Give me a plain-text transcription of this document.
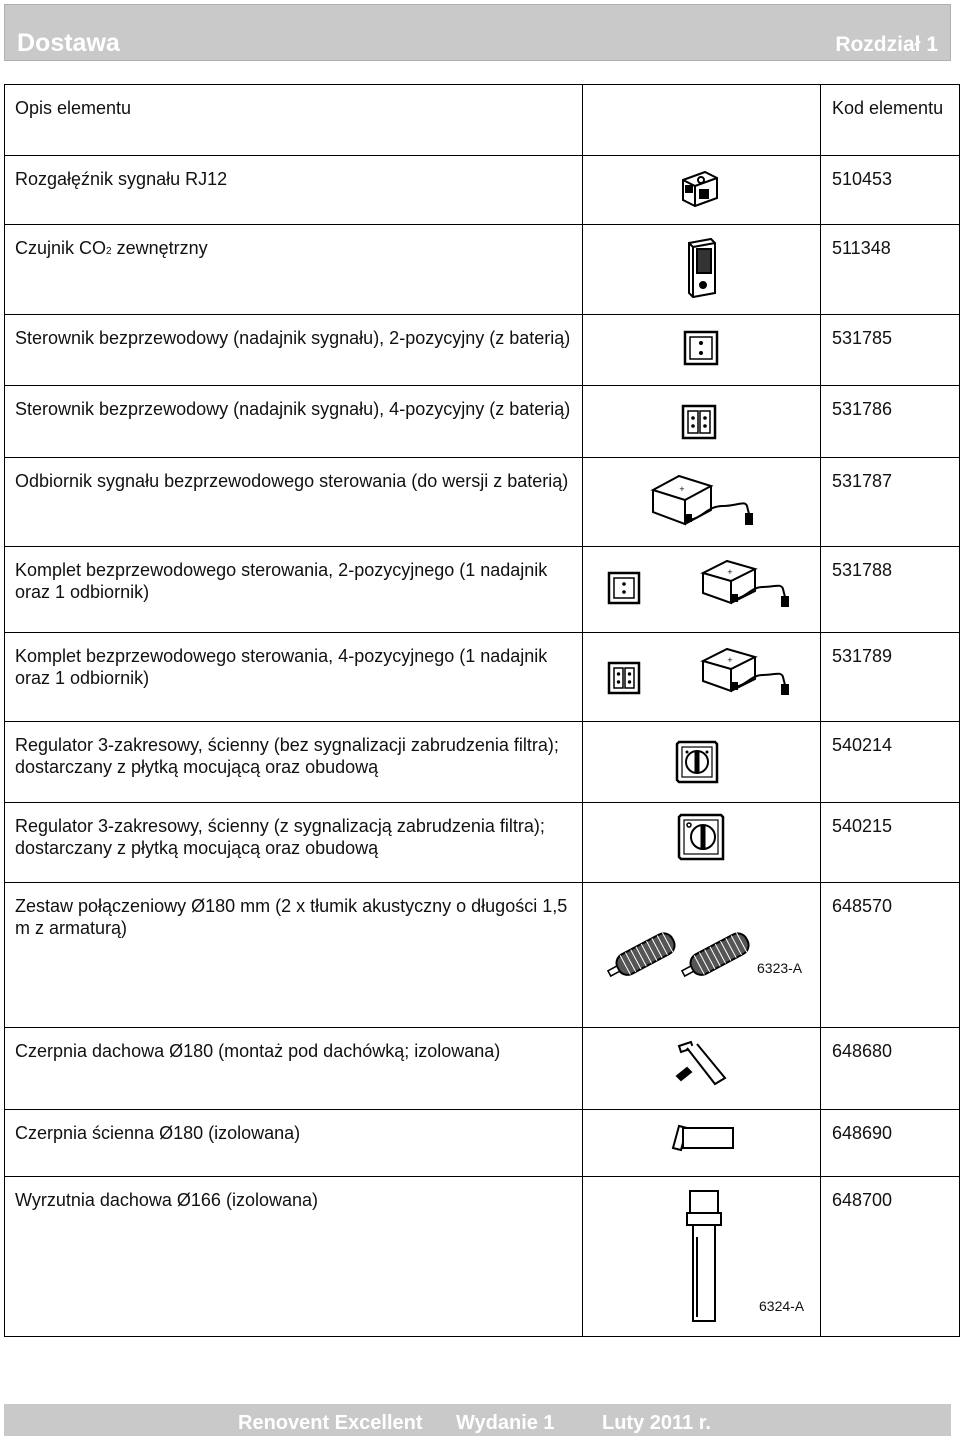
Dostawa	Rozdział 1
Opis elementu		Kod elementu
Rozgałęźnik sygnału RJ12		510453
Czujnik CO2 zewnętrzny		511348
Sterownik bezprzewodowy (nadajnik sygnału), 2-pozycyjny (z baterią)		531785
Sterownik bezprzewodowy (nadajnik sygnału), 4-pozycyjny (z baterią)		531786
Odbiornik sygnału bezprzewodowego sterowania (do wersji z baterią)	+	531787
Komplet bezprzewodowego sterowania, 2-pozycyjnego (1 nadajnik oraz 1 odbiornik)	+	531788
Komplet bezprzewodowego sterowania, 4-pozycyjnego (1 nadajnik oraz 1 odbiornik)	+	531789
Regulator 3-zakresowy, ścienny (bez sygnalizacji zabrudzenia filtra); dostarczany z płytką mocującą oraz obudową		540214
Regulator 3-zakresowy, ścienny (z sygnalizacją zabrudzenia filtra); dostarczany z płytką mocującą oraz obudową		540215
Zestaw połączeniowy Ø180 mm (2 x tłumik akustyczny o długości 1,5 m z armaturą)	6323-A	648570
Czerpnia dachowa Ø180 (montaż pod dachówką; izolowana)		648680
Czerpnia ścienna Ø180 (izolowana)		648690
Wyrzutnia dachowa Ø166 (izolowana)	6324-A	648700
Renovent Excellent Wydanie 1 Luty 2011 r.
